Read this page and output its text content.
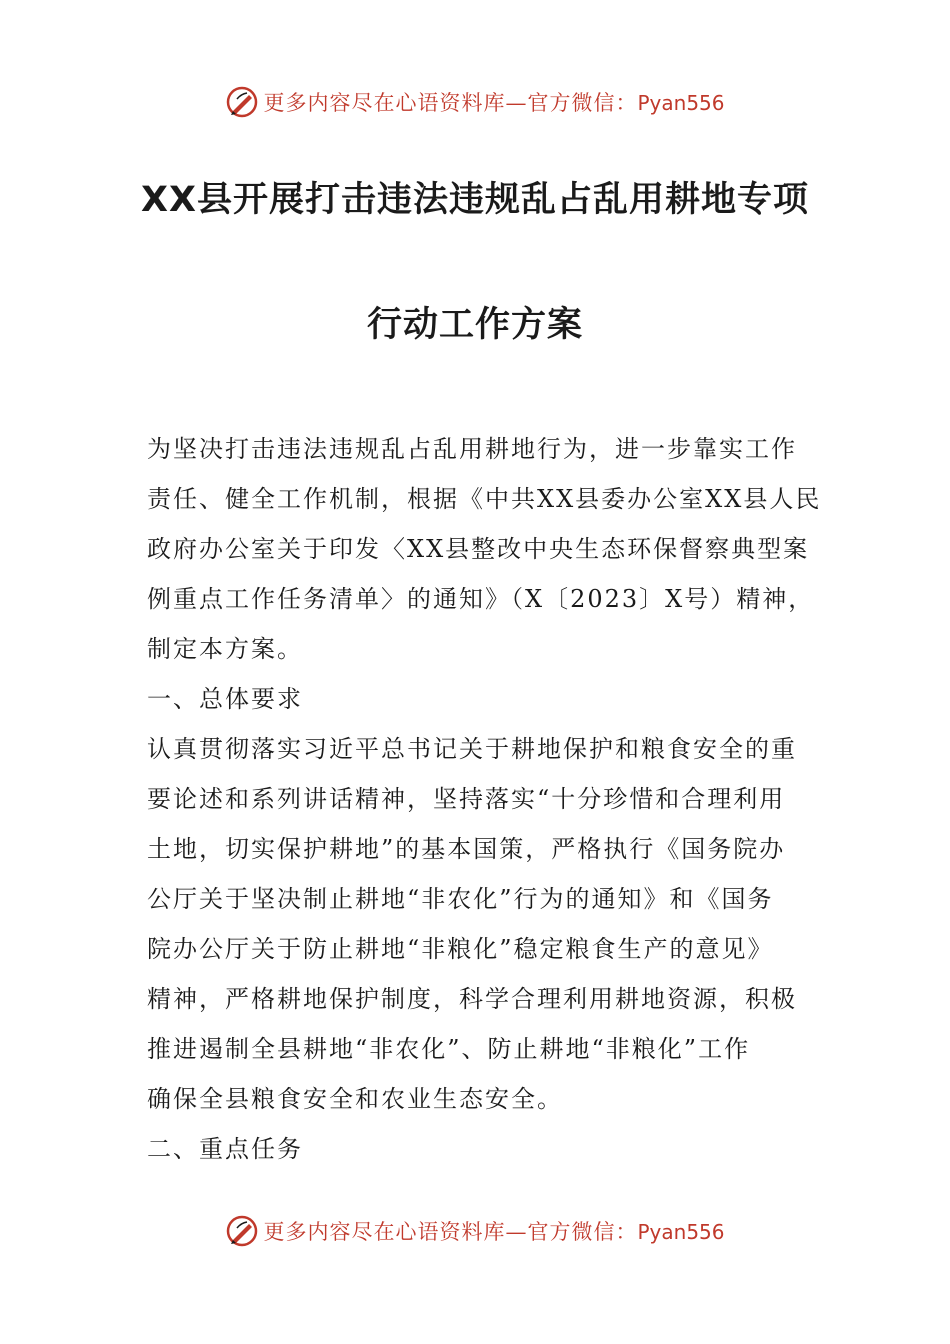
更多内容尽在心语资料库—官方微信：Pyan556
XX县开展打击违法违规乱占乱用耕地专项
行动工作方案
为坚决打击违法违规乱占乱用耕地行为，进一步靠实工作
责任、健全工作机制，根据《中共XX县委办公室XX县人民
政府办公室关于印发〈XX县整改中央生态环保督察典型案
例重点工作任务清单〉的通知》（X〔2023〕X号）精神，
制定本方案。
一、总体要求
认真贯彻落实习近平总书记关于耕地保护和粮食安全的重
要论述和系列讲话精神，坚持落实“十分珍惜和合理利用
土地，切实保护耕地”的基本国策，严格执行《国务院办
公厅关于坚决制止耕地“非农化”行为的通知》和《国务
院办公厅关于防止耕地“非粮化”稳定粮食生产的意见》
精神，严格耕地保护制度，科学合理利用耕地资源，积极
推进遏制全县耕地“非农化”、防止耕地“非粮化”工作
确保全县粮食安全和农业生态安全。
二、重点任务
更多内容尽在心语资料库—官方微信：Pyan556
